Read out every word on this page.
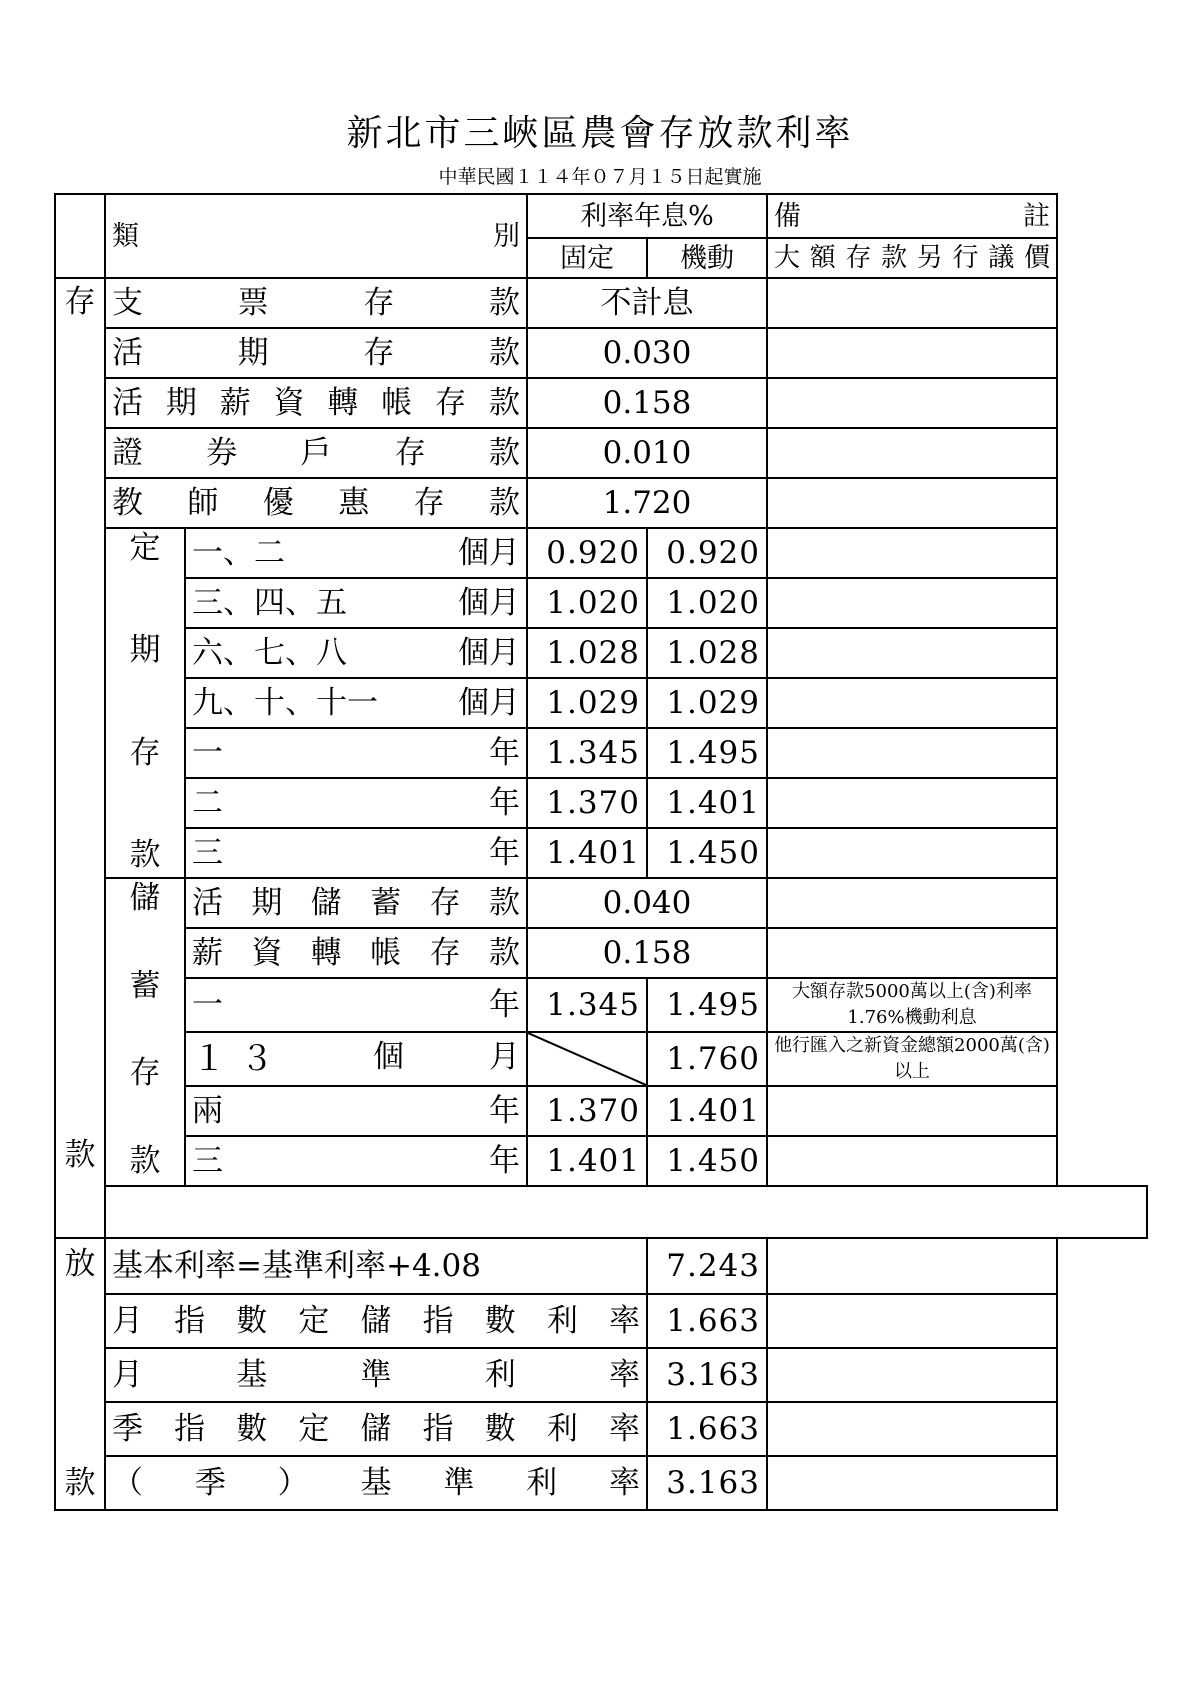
新北市三峽區農會存放款利率
中華民國１１４年０７月１５日起實施

	類 別		利率年息%		備 註

			固定	機動	大額存款另行議價

存
款	支票存款		不計息		
	活期存款		0.030		
	活期薪資轉帳存款		0.158		
	證券戶存款		0.010		
	教師優惠存款		1.720		

	定
期
存
款	一、二 個月	0.920	0.920	

		三、四、五 個月	1.020	1.020	

		六、七、八 個月	1.028	1.028	

		九、十、十一 個月	1.029	1.029	

		一 年	1.345	1.495	

		二 年	1.370	1.401	

		三 年	1.401	1.450	

	儲
蓄
存
款	活期儲蓄存款	0.040		
		薪資轉帳存款	0.158		

		一 年	1.345	1.495	大額存款5000萬以上(含)利率1.76%機動利息

		１３ 個 月		1.760	他行匯入之新資金總額2000萬(含)以上

		兩 年	1.370	1.401	

		三 年	1.401	1.450	

放
款	基本利率=基準利率+4.08			7.243	
	月指數定儲指數利率			1.663	
	月基準利率			3.163	
	季指數定儲指數利率			1.663	
	（季）基準利率			3.163	
